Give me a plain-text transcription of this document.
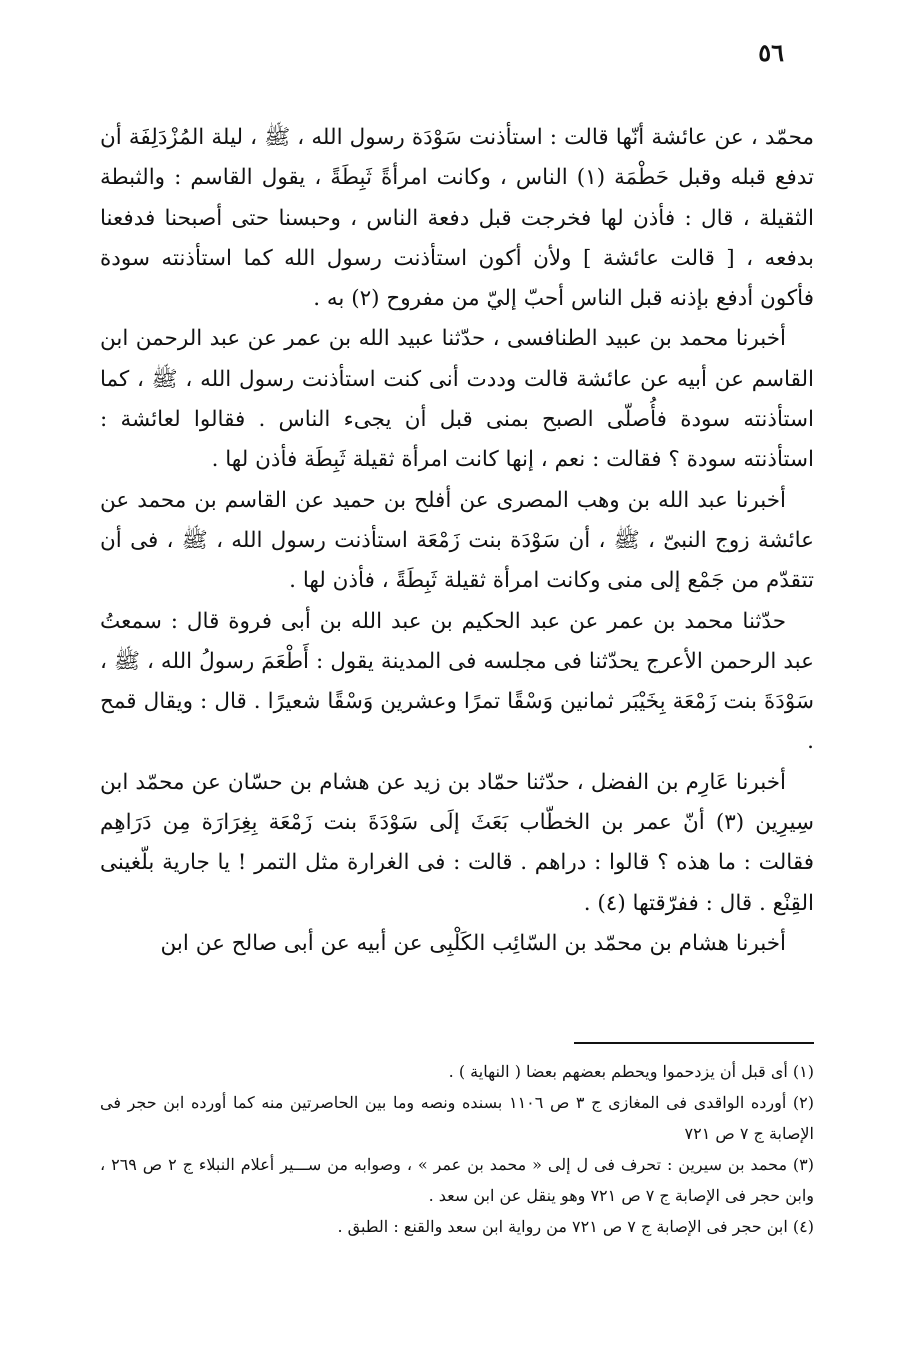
٥٦

محمّد ، عن عائشة أنّها قالت : استأذنت سَوْدَة رسول الله ، ﷺ ، ليلة المُزْدَلِفَة أن تدفع قبله وقبل حَطْمَة (١) الناس ، وكانت امرأةً ثَبِطَةً ، يقول القاسم : والثبطة الثقيلة ، قال : فأذن لها فخرجت قبل دفعة الناس ، وحبسنا حتى أصبحنا فدفعنا بدفعه ، [ قالت عائشة ] ولأن أكون استأذنت رسول الله كما استأذنته سودة فأكون أدفع بإذنه قبل الناس أحبّ إليّ من مفروح (٢) به .

أخبرنا محمد بن عبيد الطنافسى ، حدّثنا عبيد الله بن عمر عن عبد الرحمن ابن القاسم عن أبيه عن عائشة قالت وددت أنى كنت استأذنت رسول الله ، ﷺ ، كما استأذنته سودة فأُصلّى الصبح بمنى قبل أن يجىء الناس . فقالوا لعائشة : استأذنته سودة ؟ فقالت : نعم ، إنها كانت امرأة ثقيلة ثَبِطَة فأذن لها .

أخبرنا عبد الله بن وهب المصرى عن أفلح بن حميد عن القاسم بن محمد عن عائشة زوج النبىّ ، ﷺ ، أن سَوْدَة بنت زَمْعَة استأذنت رسول الله ، ﷺ ، فى أن تتقدّم من جَمْع إلى منى وكانت امرأة ثقيلة ثَبِطَةً ، فأذن لها .

حدّثنا محمد بن عمر عن عبد الحكيم بن عبد الله بن أبى فروة قال : سمعتُ عبد الرحمن الأعرج يحدّثنا فى مجلسه فى المدينة يقول : أَطْعَمَ رسولُ الله ، ﷺ ، سَوْدَةَ بنت زَمْعَة بِخَيْبَر ثمانين وَسْقًا تمرًا وعشرين وَسْقًا شعيرًا . قال : ويقال قمح .

أخبرنا عَارِم بن الفضل ، حدّثنا حمّاد بن زيد عن هشام بن حسّان عن محمّد ابن سِيرِين (٣) أنّ عمر بن الخطّاب بَعَثَ إلَى سَوْدَةَ بنت زَمْعَة بِغِرَارَة مِن دَرَاهِم فقالت : ما هذه ؟ قالوا : دراهم . قالت : فى الغرارة مثل التمر ! يا جارية بلّغينى القِنْع . قال : ففرّقتها (٤) .

أخبرنا هشام بن محمّد بن السّائِب الكَلْبِى عن أبيه عن أبى صالح عن ابن

(١) أى قبل أن يزدحموا ويحطم بعضهم بعضا ( النهاية ) .

(٢) أورده الواقدى فى المغازى ج ٣ ص ١١٠٦ بسنده ونصه وما بين الحاصرتين منه كما أورده ابن حجر فى الإصابة ج ٧ ص ٧٢١

(٣) محمد بن سيرين : تحرف فى ل إلى « محمد بن عمر » ، وصوابه من ســـير أعلام النبلاء ج ٢ ص ٢٦٩ ، وابن حجر فى الإصابة ج ٧ ص ٧٢١ وهو ينقل عن ابن سعد .

(٤) ابن حجر فى الإصابة ج ٧ ص ٧٢١ من رواية ابن سعد والقنع : الطبق .
